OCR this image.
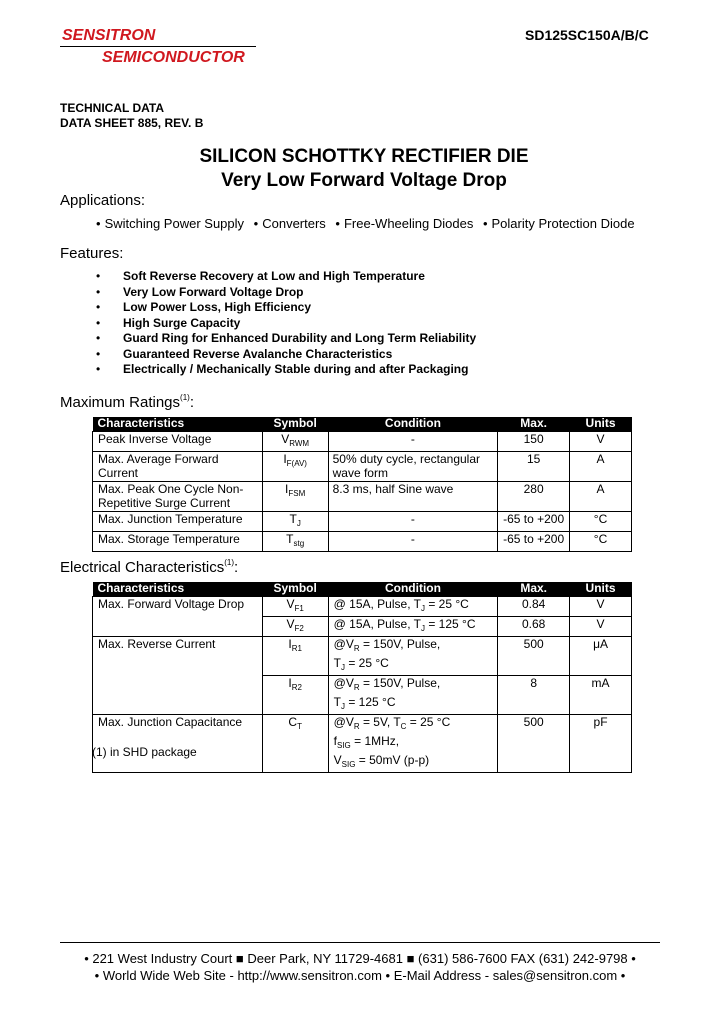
SENSITRON
SEMICONDUCTOR
SD125SC150A/B/C
TECHNICAL DATA
DATA SHEET 885, REV. B
SILICON SCHOTTKY RECTIFIER DIE
Very Low Forward Voltage Drop
Applications:
• Switching Power Supply • Converters • Free-Wheeling Diodes • Polarity Protection Diode
Features:
• Soft Reverse Recovery at Low and High Temperature
• Very Low Forward Voltage Drop
• Low Power Loss, High Efficiency
• High Surge Capacity
• Guard Ring for Enhanced Durability and Long Term Reliability
• Guaranteed Reverse Avalanche Characteristics
• Electrically / Mechanically Stable during and after Packaging
Maximum Ratings$^{(1)}$:
Characteristics	Symbol	Condition	Max.	Units
Peak Inverse Voltage	$V_{RWM}$	-	150	V
Max. Average Forward Current	$I_{F(AV)}$	50% duty cycle, rectangular wave form	15	A
Max. Peak One Cycle Non-Repetitive Surge Current	$I_{FSM}$	8.3 ms, half Sine wave	280	A
Max. Junction Temperature	$T_J$	-	-65 to +200	°C
Max. Storage Temperature	$T_{stg}$	-	-65 to +200	°C
Electrical Characteristics$^{(1)}$:
Characteristics	Symbol	Condition	Max.	Units
Max. Forward Voltage Drop	$V_{F1}$	@ 15A, Pulse, $T_J = 25$ °C	0.84	V
	$V_{F2}$	@ 15A, Pulse, $T_J = 125$ °C	0.68	V
Max. Reverse Current	$I_{R1}$	$@V_R = 150V$, Pulse,
$T_J = 25$ °C	500	μA
	$I_{R2}$	$@V_R = 150V$, Pulse,
$T_J = 125$ °C	8	mA
Max. Junction Capacitance	$C_T$	$@V_R = 5V$, $T_C = 25$ °C
$f_{SIG} = 1MHz$,
$V_{SIG} = 50mV$ (p-p)	500	pF
(1) in SHD package
• 221 West Industry Court ■ Deer Park, NY 11729-4681 ■ (631) 586-7600 FAX (631) 242-9798 •
• World Wide Web Site - http://www.sensitron.com • E-Mail Address - sales@sensitron.com •
